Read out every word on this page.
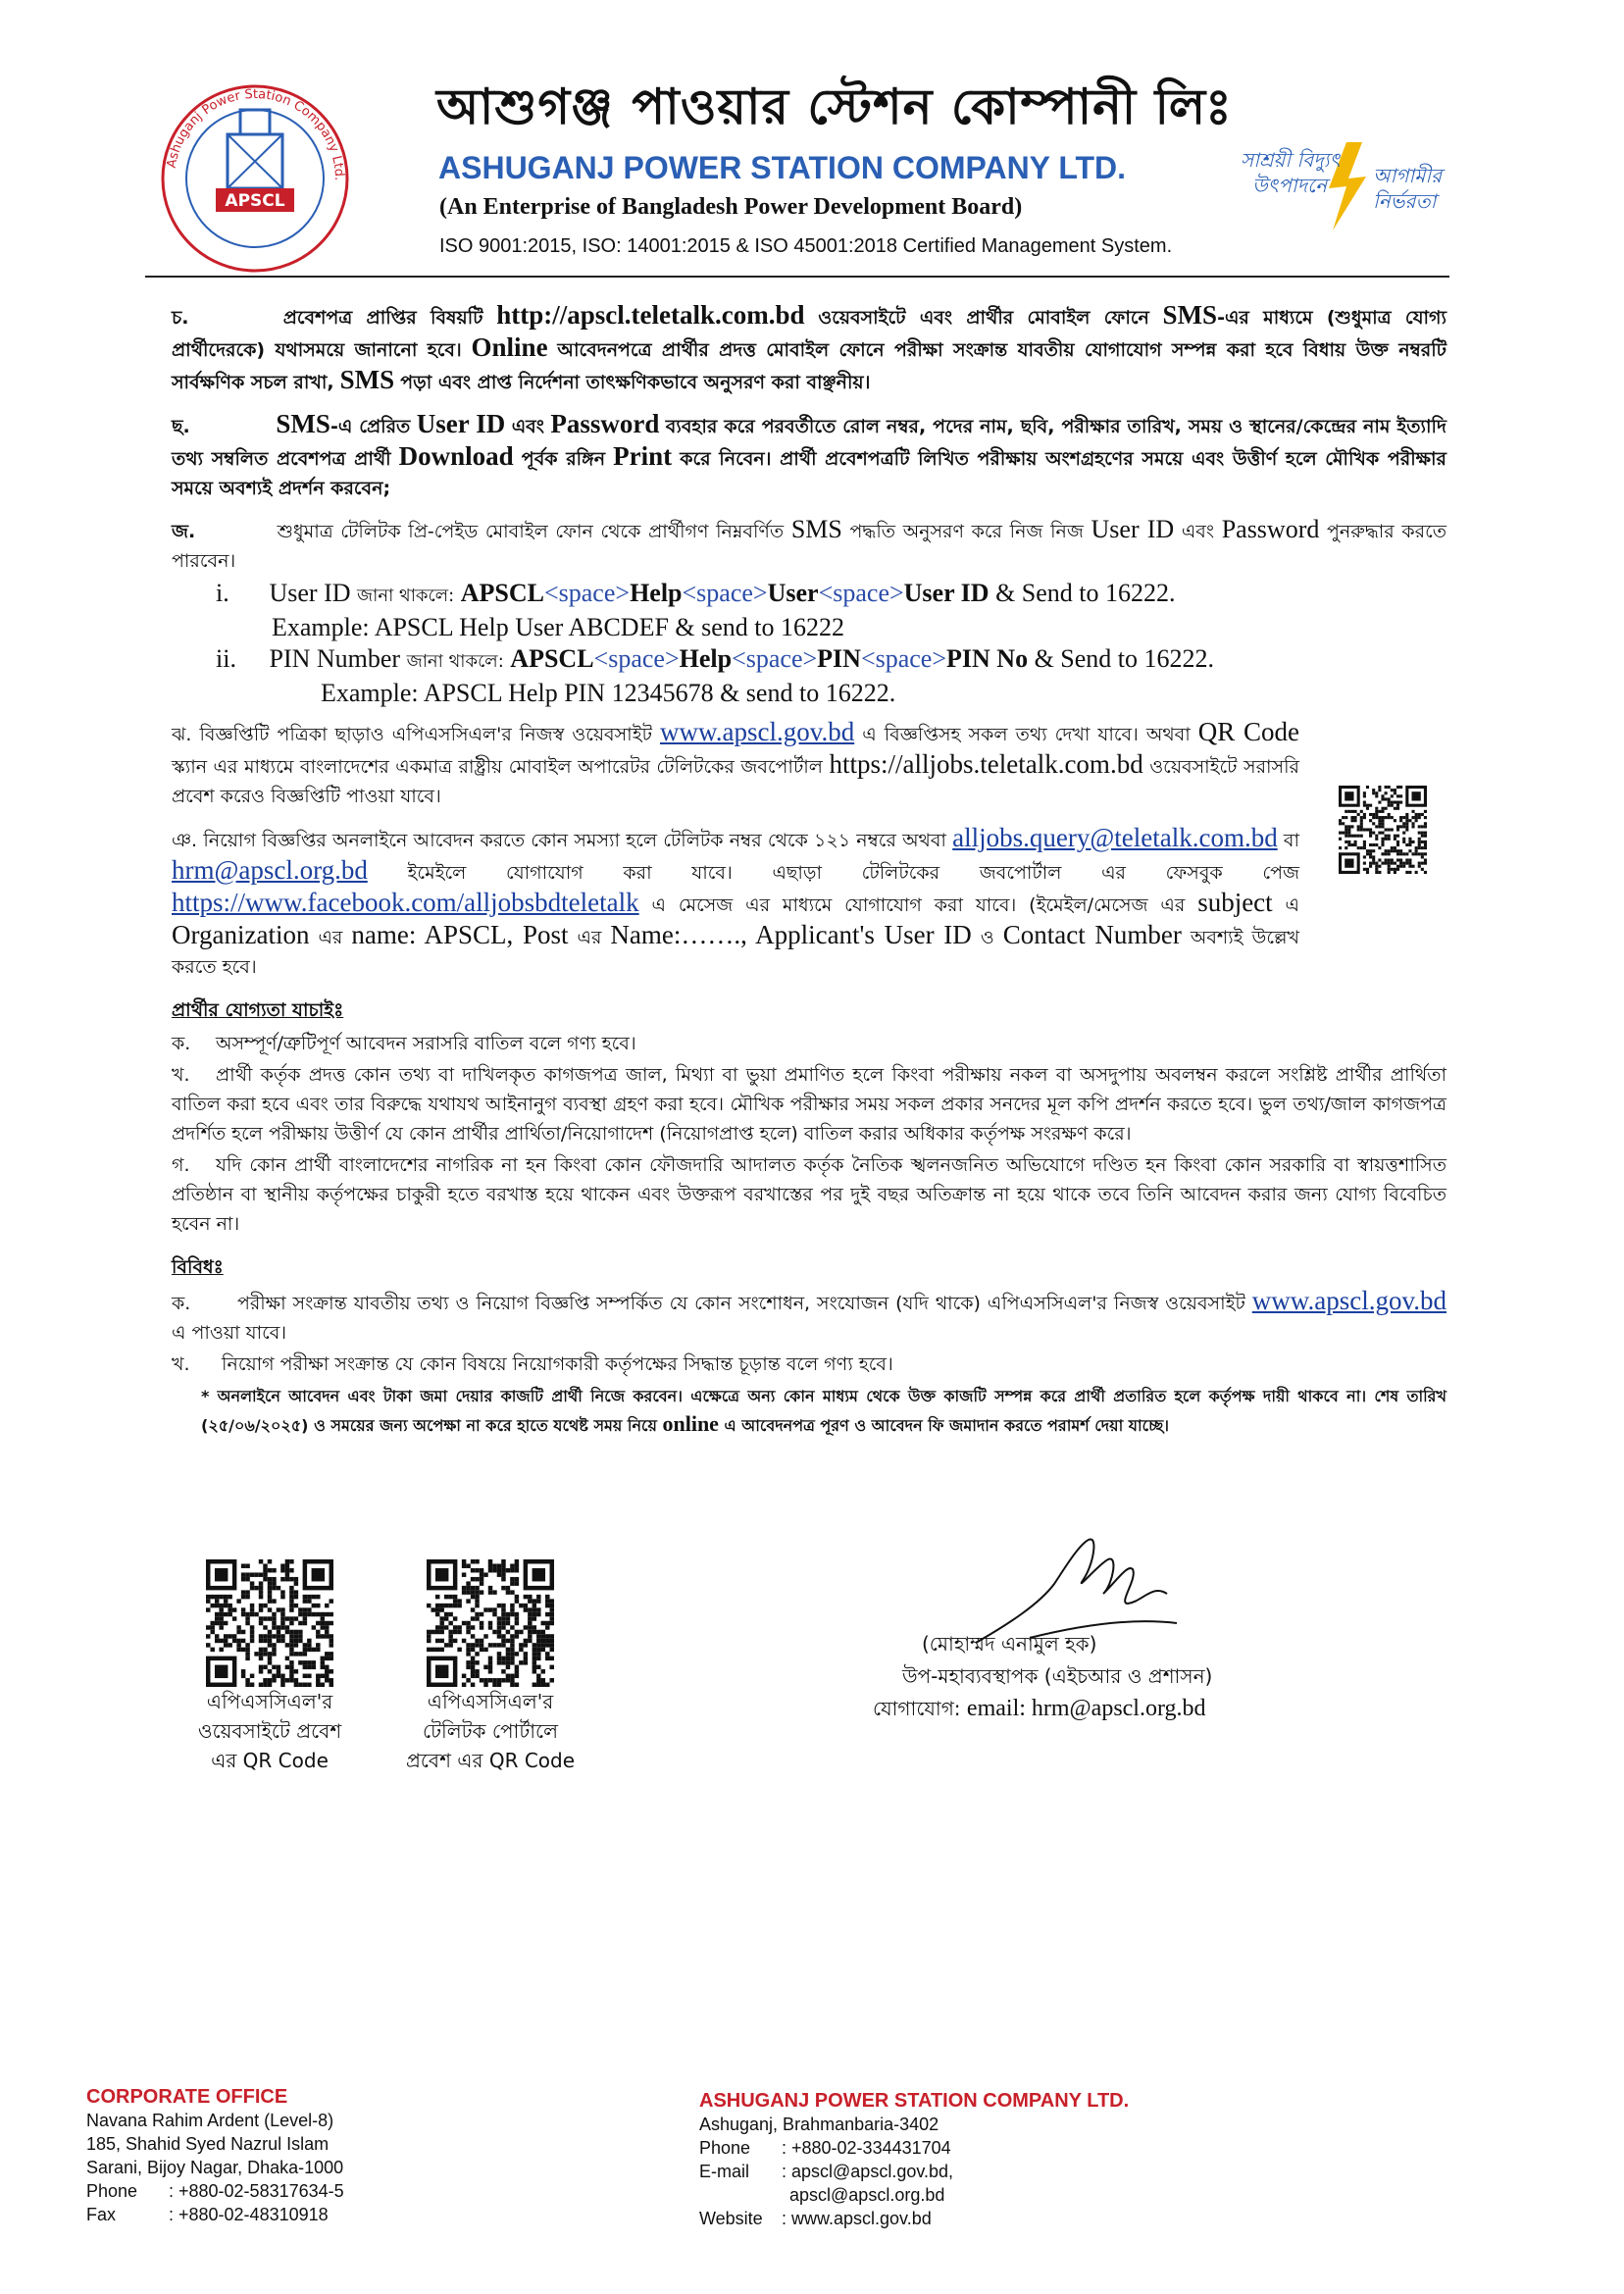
Ashuganj Power Station Company Ltd.
APSCL
আশুগঞ্জ পাওয়ার স্টেশন কোম্পানী লিঃ
ASHUGANJ POWER STATION COMPANY LTD.
(An Enterprise of Bangladesh Power Development Board)
ISO 9001:2015, ISO: 14001:2015 & ISO 45001:2018 Certified Management System.
সাশ্রয়ী বিদ্যুৎ
উৎপাদনে আগামীর
নির্ভরতা

চ.	প্রবেশপত্র প্রাপ্তির বিষয়টি http://apscl.teletalk.com.bd ওয়েবসাইটে এবং প্রার্থীর মোবাইল ফোনে SMS-এর মাধ্যমে (শুধুমাত্র যোগ্য প্রার্থীদেরকে) যথাসময়ে জানানো হবে। Online আবেদনপত্রে প্রার্থীর প্রদত্ত মোবাইল ফোনে পরীক্ষা সংক্রান্ত যাবতীয় যোগাযোগ সম্পন্ন করা হবে বিধায় উক্ত নম্বরটি সার্বক্ষণিক সচল রাখা, SMS পড়া এবং প্রাপ্ত নির্দেশনা তাৎক্ষণিকভাবে অনুসরণ করা বাঞ্ছনীয়।

ছ.	SMS-এ প্রেরিত User ID এবং Password ব্যবহার করে পরবর্তীতে রোল নম্বর, পদের নাম, ছবি, পরীক্ষার তারিখ, সময় ও স্থানের/কেন্দ্রের নাম ইত্যাদি তথ্য সম্বলিত প্রবেশপত্র প্রার্থী Download পূর্বক রঙ্গিন Print করে নিবেন। প্রার্থী প্রবেশপত্রটি লিখিত পরীক্ষায় অংশগ্রহণের সময়ে এবং উত্তীর্ণ হলে মৌখিক পরীক্ষার সময়ে অবশ্যই প্রদর্শন করবেন;

জ.	শুধুমাত্র টেলিটক প্রি-পেইড মোবাইল ফোন থেকে প্রার্থীগণ নিম্নবর্ণিত SMS পদ্ধতি অনুসরণ করে নিজ নিজ User ID এবং Password পুনরুদ্ধার করতে পারবেন।

i. User ID জানা থাকলে: APSCL<space>Help<space>User<space>User ID & Send to 16222.
Example: APSCL Help User ABCDEF & send to 16222
ii. PIN Number জানা থাকলে: APSCL<space>Help<space>PIN<space>PIN No & Send to 16222.
Example: APSCL Help PIN 12345678 & send to 16222.

ঝ. বিজ্ঞপ্তিটি পত্রিকা ছাড়াও এপিএসসিএল'র নিজস্ব ওয়েবসাইট www.apscl.gov.bd এ বিজ্ঞপ্তিসহ সকল তথ্য দেখা যাবে। অথবা QR Code স্ক্যান এর মাধ্যমে বাংলাদেশের একমাত্র রাষ্ট্রীয় মোবাইল অপারেটর টেলিটকের জবপোর্টাল https://alljobs.teletalk.com.bd ওয়েবসাইটে সরাসরি প্রবেশ করেও বিজ্ঞপ্তিটি পাওয়া যাবে।

ঞ. নিয়োগ বিজ্ঞপ্তির অনলাইনে আবেদন করতে কোন সমস্যা হলে টেলিটক নম্বর থেকে ১২১ নম্বরে অথবা alljobs.query@teletalk.com.bd বা hrm@apscl.org.bd ইমেইলে যোগাযোগ করা যাবে। এছাড়া টেলিটকের জবপোর্টাল এর ফেসবুক পেজ https://www.facebook.com/alljobsbdteletalk এ মেসেজ এর মাধ্যমে যোগাযোগ করা যাবে। (ইমেইল/মেসেজ এর subject এ Organization এর name: APSCL, Post এর Name:……., Applicant's User ID ও Contact Number অবশ্যই উল্লেখ করতে হবে।

প্রার্থীর যোগ্যতা যাচাইঃ

ক. অসম্পূর্ণ/ত্রুটিপূর্ণ আবেদন সরাসরি বাতিল বলে গণ্য হবে।

খ. প্রার্থী কর্তৃক প্রদত্ত কোন তথ্য বা দাখিলকৃত কাগজপত্র জাল, মিথ্যা বা ভুয়া প্রমাণিত হলে কিংবা পরীক্ষায় নকল বা অসদুপায় অবলম্বন করলে সংশ্লিষ্ট প্রার্থীর প্রার্থিতা বাতিল করা হবে এবং তার বিরুদ্ধে যথাযথ আইনানুগ ব্যবস্থা গ্রহণ করা হবে। মৌখিক পরীক্ষার সময় সকল প্রকার সনদের মূল কপি প্রদর্শন করতে হবে। ভুল তথ্য/জাল কাগজপত্র প্রদর্শিত হলে পরীক্ষায় উত্তীর্ণ যে কোন প্রার্থীর প্রার্থিতা/নিয়োগাদেশ (নিয়োগপ্রাপ্ত হলে) বাতিল করার অধিকার কর্তৃপক্ষ সংরক্ষণ করে।

গ. যদি কোন প্রার্থী বাংলাদেশের নাগরিক না হন কিংবা কোন ফৌজদারি আদালত কর্তৃক নৈতিক স্খলনজনিত অভিযোগে দণ্ডিত হন কিংবা কোন সরকারি বা স্বায়ত্তশাসিত প্রতিষ্ঠান বা স্থানীয় কর্তৃপক্ষের চাকুরী হতে বরখাস্ত হয়ে থাকেন এবং উক্তরূপ বরখাস্তের পর দুই বছর অতিক্রান্ত না হয়ে থাকে তবে তিনি আবেদন করার জন্য যোগ্য বিবেচিত হবেন না।

বিবিধঃ

ক.	পরীক্ষা সংক্রান্ত যাবতীয় তথ্য ও নিয়োগ বিজ্ঞপ্তি সম্পর্কিত যে কোন সংশোধন, সংযোজন (যদি থাকে) এপিএসসিএল'র নিজস্ব ওয়েবসাইট www.apscl.gov.bd এ পাওয়া যাবে।

খ. নিয়োগ পরীক্ষা সংক্রান্ত যে কোন বিষয়ে নিয়োগকারী কর্তৃপক্ষের সিদ্ধান্ত চূড়ান্ত বলে গণ্য হবে।

* অনলাইনে আবেদন এবং টাকা জমা দেয়ার কাজটি প্রার্থী নিজে করবেন। এক্ষেত্রে অন্য কোন মাধ্যম থেকে উক্ত কাজটি সম্পন্ন করে প্রার্থী প্রতারিত হলে কর্তৃপক্ষ দায়ী থাকবে না। শেষ তারিখ (২৫/০৬/২০২৫) ও সময়ের জন্য অপেক্ষা না করে হাতে যথেষ্ট সময় নিয়ে online এ আবেদনপত্র পূরণ ও আবেদন ফি জমাদান করতে পরামর্শ দেয়া যাচ্ছে।

এপিএসসিএল'র
ওয়েবসাইটে প্রবেশ
এর QR Code
এপিএসসিএল'র
টেলিটক পোর্টালে
প্রবেশ এর QR Code
(মোহাম্মদ এনামুল হক)
উপ-মহাব্যবস্থাপক (এইচআর ও প্রশাসন)
যোগাযোগ: email: hrm@apscl.org.bd
CORPORATE OFFICE
Navana Rahim Ardent (Level-8)
185, Shahid Syed Nazrul Islam
Sarani, Bijoy Nagar, Dhaka-1000
Phone	: +880-02-58317634-5
Fax	: +880-02-48310918
ASHUGANJ POWER STATION COMPANY LTD.
Ashuganj, Brahmanbaria-3402
Phone	: +880-02-334431704
E-mail	: apscl@apscl.gov.bd,
apscl@apscl.org.bd
Website	: www.apscl.gov.bd
